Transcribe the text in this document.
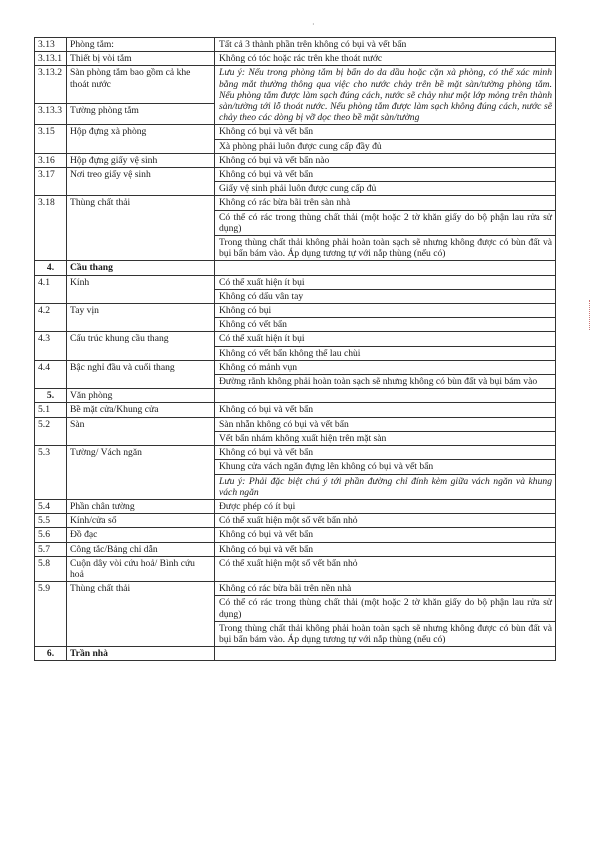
·
3.13	Phòng tắm:	Tất cả 3 thành phần trên không có bụi và vết bẩn
3.13.1	Thiết bị vòi tắm	Không có tóc hoặc rác trên khe thoát nước
3.13.2	Sàn phòng tắm bao gồm cả khe thoát nước	Lưu ý: Nếu trong phòng tắm bị bẩn do da dầu hoặc cặn xà phòng, có thể xác minh bằng mắt thường thông qua việc cho nước chảy trên bề mặt sàn/tường phòng tắm. Nếu phòng tắm được làm sạch đúng cách, nước sẽ chảy như một lớp mỏng trên thành sàn/tường tới lỗ thoát nước. Nếu phòng tắm được làm sạch không đúng cách, nước sẽ chảy theo các dòng bị vỡ dọc theo bề mặt sàn/tường
3.13.3	Tường phòng tắm	
3.15	Hộp đựng xà phòng	Không có bụi và vết bẩn
		Xà phòng phải luôn được cung cấp đầy đủ
3.16	Hộp đựng giấy vệ sinh	Không có bụi và vết bẩn nào
3.17	Nơi treo giấy vệ sinh	Không có bụi và vết bẩn
		Giấy vệ sinh phải luôn được cung cấp đủ
3.18	Thùng chất thải	Không có rác bừa bãi trên sàn nhà
		Có thể có rác trong thùng chất thải (một hoặc 2 tờ khăn giấy do bộ phận lau rửa sử dụng)
		Trong thùng chất thải không phải hoàn toàn sạch sẽ nhưng không được có bùn đất và bụi bẩn bám vào. Áp dụng tương tự với nắp thùng (nếu có)
4.	Cầu thang	
4.1	Kính	Có thể xuất hiện ít bụi
		Không có dấu vân tay
4.2	Tay vịn	Không có bụi
		Không có vết bẩn
4.3	Cấu trúc khung cầu thang	Có thể xuất hiện ít bụi
		Không có vết bẩn không thể lau chùi
4.4	Bậc nghỉ đầu và cuối thang	Không có mảnh vụn
		Đường rãnh không phải hoàn toàn sạch sẽ nhưng không có bùn đất và bụi bám vào
5.	Văn phòng	
5.1	Bề mặt cửa/Khung cửa	Không có bụi và vết bẩn
5.2	Sàn	Sàn nhẵn không có bụi và vết bẩn
		Vết bẩn nhám không xuất hiện trên mặt sàn
5.3	Tường/ Vách ngăn	Không có bụi và vết bẩn
		Khung cửa vách ngăn đựng lên không có bụi và vết bẩn
		Lưu ý: Phải đặc biệt chú ý tới phần đường chỉ đính kèm giữa vách ngăn và khung vách ngăn
5.4	Phần chân tường	Được phép có ít bụi
5.5	Kính/cửa sổ	Có thể xuất hiện một số vết bẩn nhỏ
5.6	Đồ đạc	Không có bụi và vết bẩn
5.7	Công tắc/Bảng chỉ dẫn	Không có bụi và vết bẩn
5.8	Cuộn dây vòi cứu hoả/ Bình cứu hoả	Có thể xuất hiện một số vết bẩn nhỏ
5.9	Thùng chất thải	Không có rác bừa bãi trên nền nhà
		Có thể có rác trong thùng chất thải (một hoặc 2 tờ khăn giấy do bộ phận lau rửa sử dụng)
		Trong thùng chất thải không phải hoàn toàn sạch sẽ nhưng không được có bùn đất và bụi bẩn bám vào. Áp dụng tương tự với nắp thùng (nếu có)
6.	Trần nhà	
